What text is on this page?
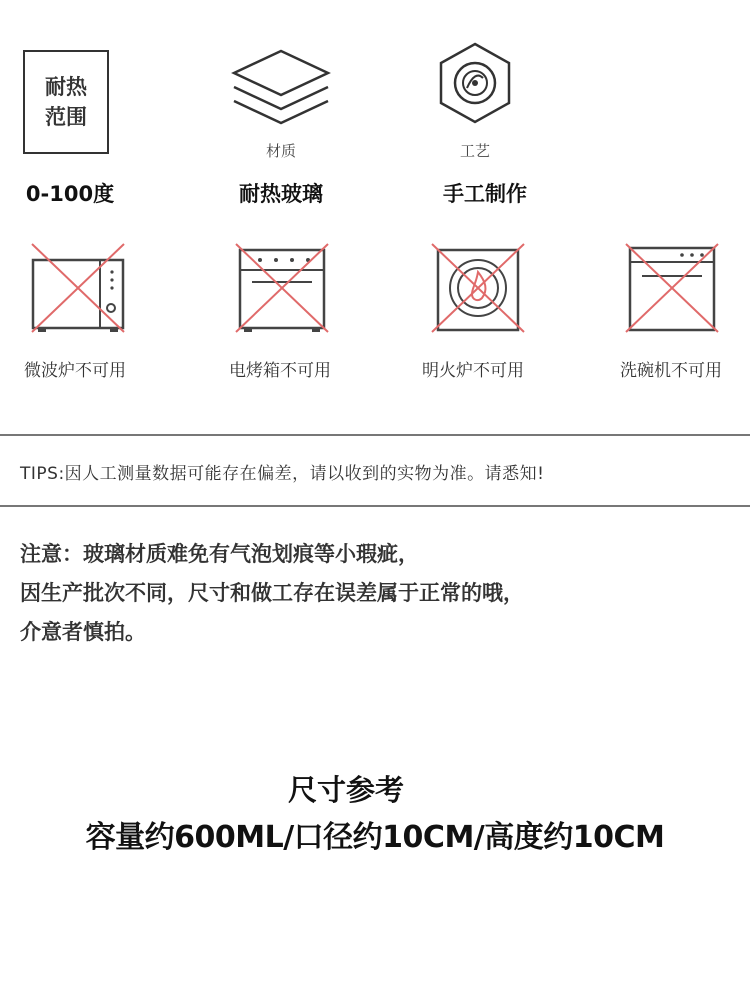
耐热
范围
0-100度
材质
耐热玻璃
工艺
手工制作
微波炉不可用	电烤箱不可用	明火炉不可用	洗碗机不可用
TIPS:因人工测量数据可能存在偏差，请以收到的实物为准。请悉知!
注意：玻璃材质难免有气泡划痕等小瑕疵，
因生产批次不同，尺寸和做工存在误差属于正常的哦，
介意者慎拍。
尺寸参考
容量约600ML/口径约10CM/高度约10CM
